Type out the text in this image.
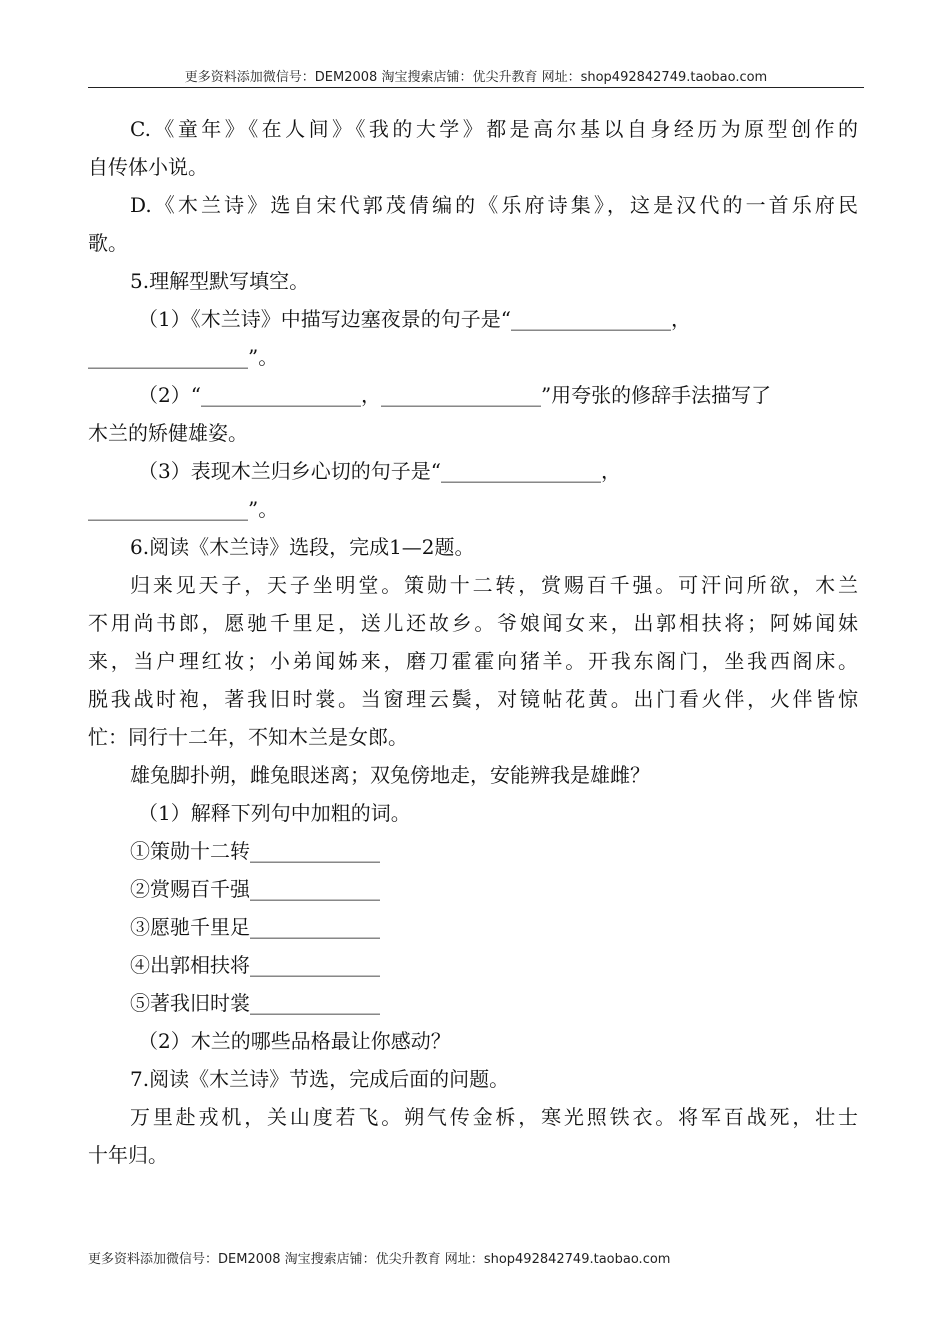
更多资料添加微信号：DEM2008 淘宝搜索店铺：优尖升教育 网址：shop492842749.taobao.com
C.《童年》《在人间》《我的大学》都是高尔基以自身经历为原型创作的
自传体小说。
D.《木兰诗》选自宋代郭茂倩编的《乐府诗集》，这是汉代的一首乐府民
歌。
5.理解型默写填空。
（1）《木兰诗》中描写边塞夜景的句子是“________________，
________________”。
（2）“________________，________________”用夸张的修辞手法描写了
木兰的矫健雄姿。
（3）表现木兰归乡心切的句子是“________________，
________________”。
6.阅读《木兰诗》选段，完成1—2题。
归来见天子，天子坐明堂。策勋十二转，赏赐百千强。可汗问所欲，木兰
不用尚书郎，愿驰千里足，送儿还故乡。爷娘闻女来，出郭相扶将；阿姊闻妹
来，当户理红妆；小弟闻姊来，磨刀霍霍向猪羊。开我东阁门，坐我西阁床。
脱我战时袍，著我旧时裳。当窗理云鬓，对镜帖花黄。出门看火伴，火伴皆惊
忙：同行十二年，不知木兰是女郎。
雄兔脚扑朔，雌兔眼迷离；双兔傍地走，安能辨我是雄雌？
（1）解释下列句中加粗的词。
①策勋十二转_____________
②赏赐百千强_____________
③愿驰千里足_____________
④出郭相扶将_____________
⑤著我旧时裳_____________
（2）木兰的哪些品格最让你感动？
7.阅读《木兰诗》节选，完成后面的问题。
万里赴戎机，关山度若飞。朔气传金柝，寒光照铁衣。将军百战死，壮士
十年归。
更多资料添加微信号：DEM2008 淘宝搜索店铺：优尖升教育 网址：shop492842749.taobao.com
